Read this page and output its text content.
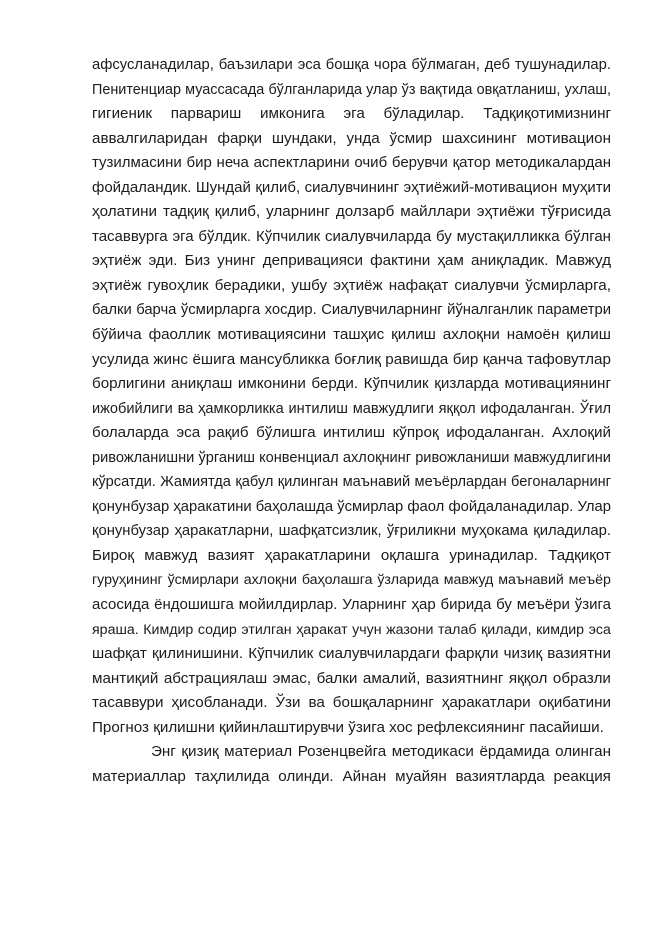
афсусланадилар, баъзилари эса бошқа чора бўлмаган, деб тушунадилар.
Пенитенциар муассасада бўлганларида улар ўз вақтида овқатланиш, ухлаш,
гигиеник парвариш имконига эга бўладилар. Тадқиқотимизнинг
аввалгиларидан фарқи шундаки, унда ўсмир шахсининг мотивацион
тузилмасини бир неча аспектларини очиб берувчи қатор методикалардан
фойдаландик. Шундай қилиб, сиалувчининг эҳтиёжий-мотивацион муҳити
ҳолатини тадқиқ қилиб, уларнинг долзарб майллари эҳтиёжи тўғрисида
тасаввурга эга бўлдик. Кўпчилик сиалувчиларда бу мустақилликка бўлган
эҳтиёж эди. Биз унинг депривацияси фактини ҳам аниқладик. Мавжуд
эҳтиёж гувоҳлик берадики, ушбу эҳтиёж нафақат сиалувчи ўсмирларга,
балки барча ўсмирларга хосдир. Сиалувчиларнинг йўналганлик параметри
бўйича фаоллик мотивациясини ташҳис қилиш ахлоқни намоён қилиш
усулида жинс ёшига мансубликка боғлиқ равишда бир қанча тафовутлар
борлигини аниқлаш имконини берди. Кўпчилик қизларда мотивациянинг
ижобийлиги ва ҳамкорликка интилиш мавжудлиги яққол ифодаланган. Ўғил
болаларда эса рақиб бўлишга интилиш кўпроқ ифодаланган. Ахлоқий
ривожланишни ўрганиш конвенциал ахлоқнинг ривожланиши мавжудлигини
кўрсатди. Жамиятда қабул қилинган маънавий меъёрлардан бегоналарнинг
қонунбузар ҳаракатини баҳолашда ўсмирлар фаол фойдаланадилар. Улар
қонунбузар ҳаракатларни, шафқатсизлик, ўғриликни муҳокама қиладилар.
Бироқ мавжуд вазият ҳаракатларини оқлашга уринадилар. Тадқиқот
гуруҳининг ўсмирлари ахлоқни баҳолашга ўзларида мавжуд маънавий меъёр
асосида ёндошишга мойилдирлар. Уларнинг ҳар бирида бу меъёри ўзига
яраша. Кимдир содир этилган ҳаракат учун жазони талаб қилади, кимдир эса
шафқат қилинишини. Кўпчилик сиалувчилардаги фарқли чизиқ вазиятни
мантиқий абстрациялаш эмас, балки амалий, вазиятнинг яққол образли
тасаввури ҳисобланади. Ўзи ва бошқаларнинг ҳаракатлари оқибатини
Прогноз қилишни қийинлаштирувчи ўзига хос рефлексиянинг пасайиши.
Энг қизиқ материал Розенцвейга методикаси ёрдамида олинган
материаллар таҳлилида олинди. Айнан муайян вазиятларда реакция
